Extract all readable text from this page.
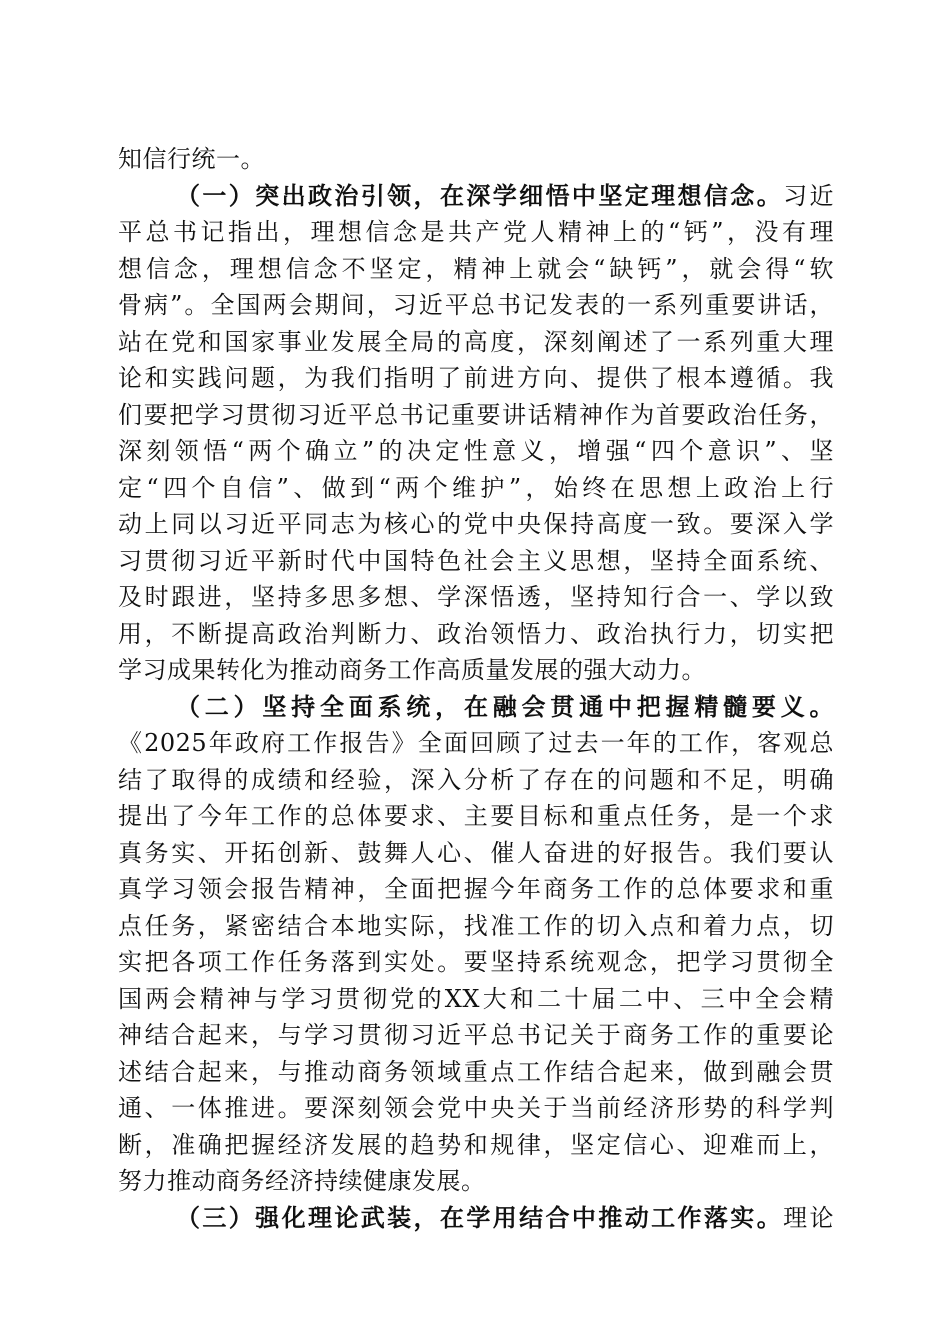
知信行统一。
（一）突出政治引领，在深学细悟中坚定理想信念。习近
平总书记指出，理想信念是共产党人精神上的“钙”，没有理
想信念，理想信念不坚定，精神上就会“缺钙”，就会得“软
骨病”。全国两会期间，习近平总书记发表的一系列重要讲话，
站在党和国家事业发展全局的高度，深刻阐述了一系列重大理
论和实践问题，为我们指明了前进方向、提供了根本遵循。我
们要把学习贯彻习近平总书记重要讲话精神作为首要政治任务，
深刻领悟“两个确立”的决定性意义，增强“四个意识”、坚
定“四个自信”、做到“两个维护”，始终在思想上政治上行
动上同以习近平同志为核心的党中央保持高度一致。要深入学
习贯彻习近平新时代中国特色社会主义思想，坚持全面系统、
及时跟进，坚持多思多想、学深悟透，坚持知行合一、学以致
用，不断提高政治判断力、政治领悟力、政治执行力，切实把
学习成果转化为推动商务工作高质量发展的强大动力。
（二）坚持全面系统，在融会贯通中把握精髓要义。
《2025年政府工作报告》全面回顾了过去一年的工作，客观总
结了取得的成绩和经验，深入分析了存在的问题和不足，明确
提出了今年工作的总体要求、主要目标和重点任务，是一个求
真务实、开拓创新、鼓舞人心、催人奋进的好报告。我们要认
真学习领会报告精神，全面把握今年商务工作的总体要求和重
点任务，紧密结合本地实际，找准工作的切入点和着力点，切
实把各项工作任务落到实处。要坚持系统观念，把学习贯彻全
国两会精神与学习贯彻党的XX大和二十届二中、三中全会精
神结合起来，与学习贯彻习近平总书记关于商务工作的重要论
述结合起来，与推动商务领域重点工作结合起来，做到融会贯
通、一体推进。要深刻领会党中央关于当前经济形势的科学判
断，准确把握经济发展的趋势和规律，坚定信心、迎难而上，
努力推动商务经济持续健康发展。
（三）强化理论武装，在学用结合中推动工作落实。理论
